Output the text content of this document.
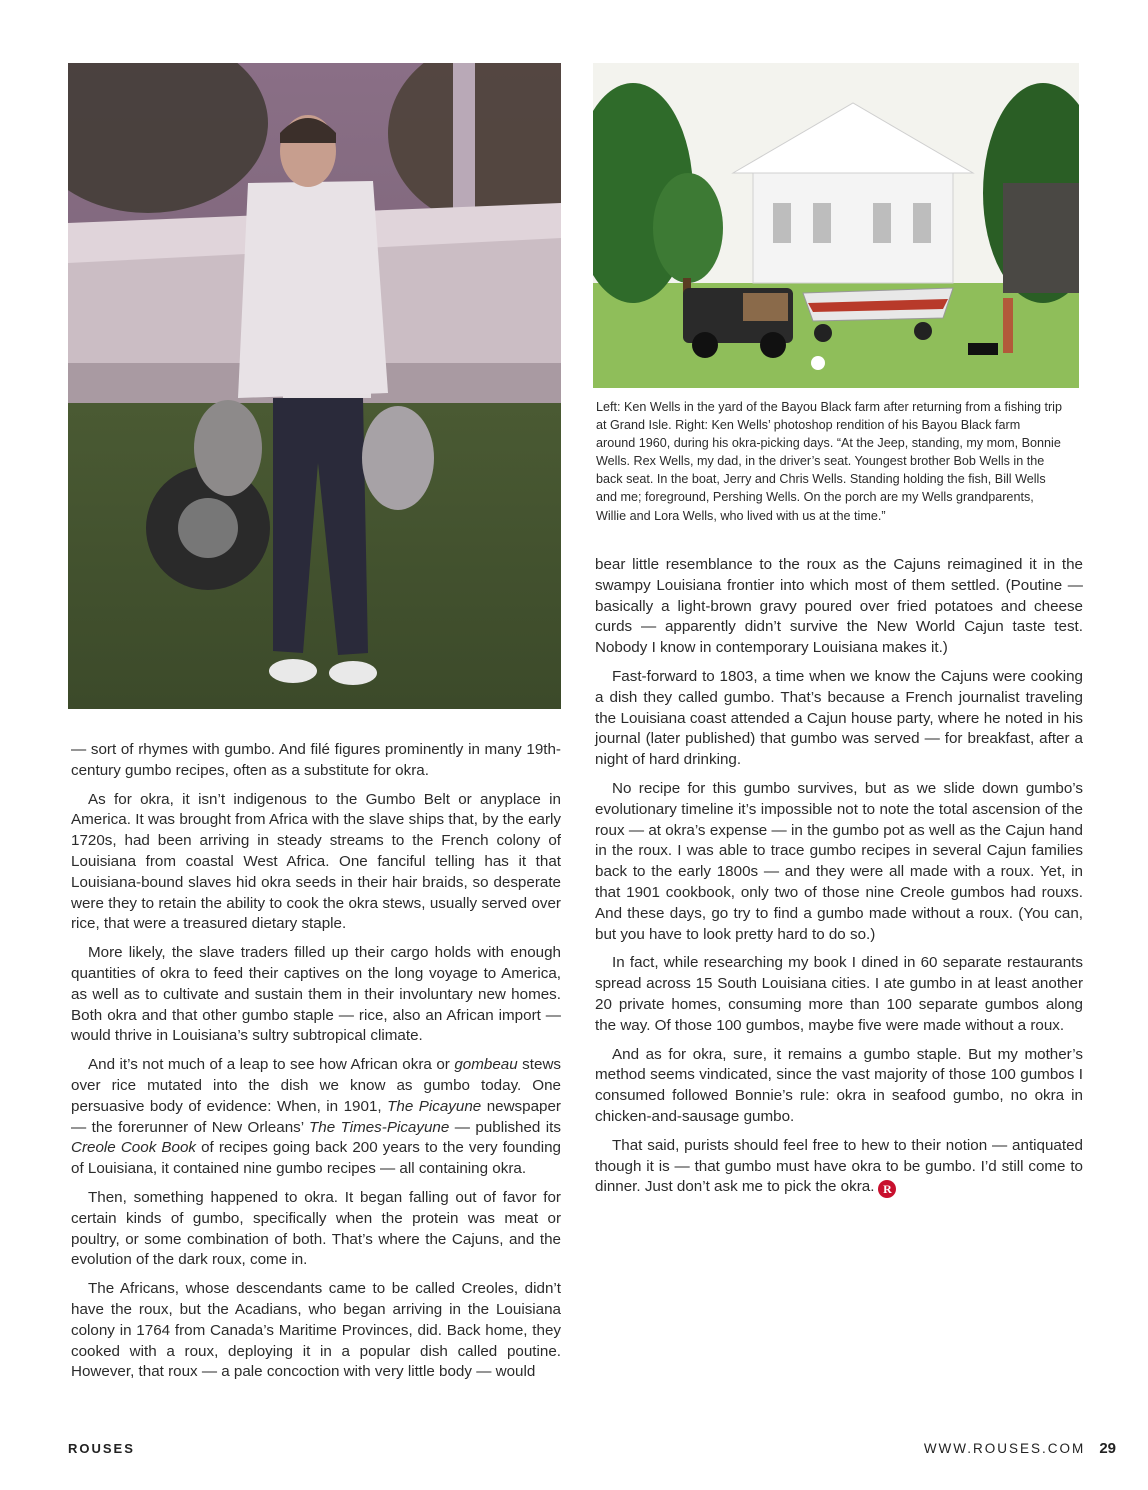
Left: Ken Wells in the yard of the Bayou Black farm after returning from a fishing trip at Grand Isle. Right: Ken Wells’ photoshop rendition of his Bayou Black farm around 1960, during his okra-picking days. “At the Jeep, standing, my mom, Bonnie Wells. Rex Wells, my dad, in the driver’s seat. Youngest brother Bob Wells in the back seat. In the boat, Jerry and Chris Wells. Standing holding the fish, Bill Wells and me; foreground, Pershing Wells. On the porch are my Wells grandparents, Willie and Lora Wells, who lived with us at the time.”

— sort of rhymes with gumbo. And filé figures prominently in many 19th-century gumbo recipes, often as a substitute for okra.

As for okra, it isn’t indigenous to the Gumbo Belt or anyplace in America. It was brought from Africa with the slave ships that, by the early 1720s, had been arriving in steady streams to the French colony of Louisiana from coastal West Africa. One fanciful telling has it that Louisiana-bound slaves hid okra seeds in their hair braids, so desperate were they to retain the ability to cook the okra stews, usually served over rice, that were a treasured dietary staple.

More likely, the slave traders filled up their cargo holds with enough quantities of okra to feed their captives on the long voyage to America, as well as to cultivate and sustain them in their involuntary new homes. Both okra and that other gumbo staple — rice, also an African import — would thrive in Louisiana’s sultry subtropical climate.

And it’s not much of a leap to see how African okra or gombeau stews over rice mutated into the dish we know as gumbo today. One persuasive body of evidence: When, in 1901, The Picayune newspaper — the forerunner of New Orleans’ The Times-Picayune — published its Creole Cook Book of recipes going back 200 years to the very founding of Louisiana, it contained nine gumbo recipes — all containing okra.

Then, something happened to okra. It began falling out of favor for certain kinds of gumbo, specifically when the protein was meat or poultry, or some combination of both. That’s where the Cajuns, and the evolution of the dark roux, come in.

The Africans, whose descendants came to be called Creoles, didn’t have the roux, but the Acadians, who began arriving in the Louisiana colony in 1764 from Canada’s Maritime Provinces, did. Back home, they cooked with a roux, deploying it in a popular dish called poutine. However, that roux — a pale concoction with very little body — would

bear little resemblance to the roux as the Cajuns reimagined it in the swampy Louisiana frontier into which most of them settled. (Poutine — basically a light-brown gravy poured over fried potatoes and cheese curds — apparently didn’t survive the New World Cajun taste test. Nobody I know in contemporary Louisiana makes it.)

Fast-forward to 1803, a time when we know the Cajuns were cooking a dish they called gumbo. That’s because a French journalist traveling the Louisiana coast attended a Cajun house party, where he noted in his journal (later published) that gumbo was served — for breakfast, after a night of hard drinking.

No recipe for this gumbo survives, but as we slide down gumbo’s evolutionary timeline it’s impossible not to note the total ascension of the roux — at okra’s expense — in the gumbo pot as well as the Cajun hand in the roux. I was able to trace gumbo recipes in several Cajun families back to the early 1800s — and they were all made with a roux. Yet, in that 1901 cookbook, only two of those nine Creole gumbos had rouxs. And these days, go try to find a gumbo made without a roux. (You can, but you have to look pretty hard to do so.)

In fact, while researching my book I dined in 60 separate restaurants spread across 15 South Louisiana cities. I ate gumbo in at least another 20 private homes, consuming more than 100 separate gumbos along the way. Of those 100 gumbos, maybe five were made without a roux.

And as for okra, sure, it remains a gumbo staple. But my mother’s method seems vindicated, since the vast majority of those 100 gumbos I consumed followed Bonnie’s rule: okra in seafood gumbo, no okra in chicken-and-sausage gumbo.

That said, purists should feel free to hew to their notion — antiquated though it is — that gumbo must have okra to be gumbo. I’d still come to dinner. Just don’t ask me to pick the okra. R

ROUSES	WWW.ROUSES.COM 29
